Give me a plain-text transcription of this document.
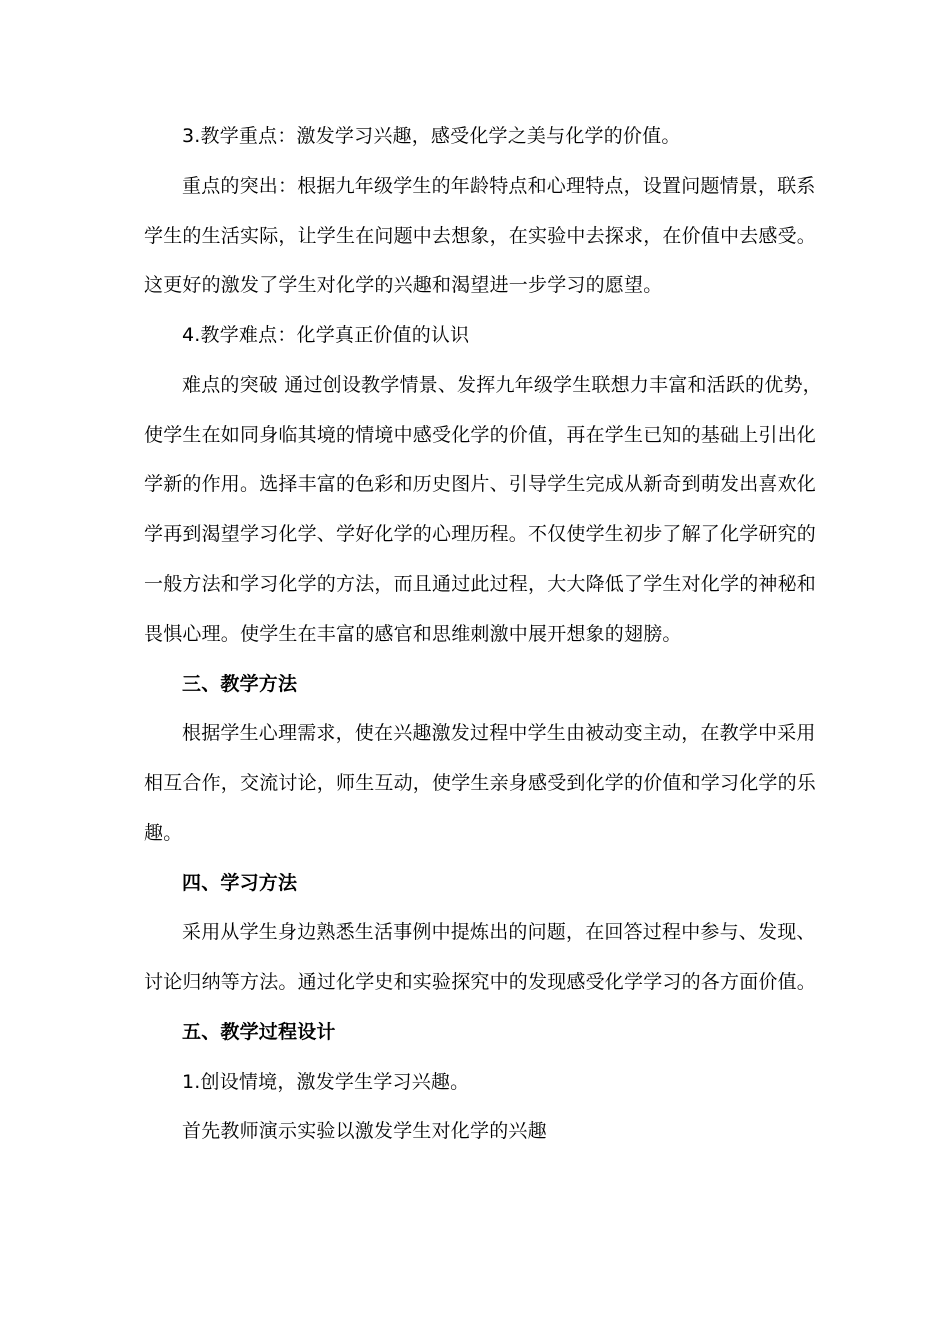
3.教学重点：激发学习兴趣，感受化学之美与化学的价值。

重点的突出：根据九年级学生的年龄特点和心理特点，设置问题情景，联系

学生的生活实际，让学生在问题中去想象，在实验中去探求，在价值中去感受。

这更好的激发了学生对化学的兴趣和渴望进一步学习的愿望。

4.教学难点：化学真正价值的认识

难点的突破 通过创设教学情景、发挥九年级学生联想力丰富和活跃的优势，

使学生在如同身临其境的情境中感受化学的价值，再在学生已知的基础上引出化

学新的作用。选择丰富的色彩和历史图片、引导学生完成从新奇到萌发出喜欢化

学再到渴望学习化学、学好化学的心理历程。不仅使学生初步了解了化学研究的

一般方法和学习化学的方法，而且通过此过程，大大降低了学生对化学的神秘和

畏惧心理。使学生在丰富的感官和思维刺激中展开想象的翅膀。

三、教学方法

根据学生心理需求，使在兴趣激发过程中学生由被动变主动，在教学中采用

相互合作，交流讨论，师生互动，使学生亲身感受到化学的价值和学习化学的乐

趣。

四、学习方法

采用从学生身边熟悉生活事例中提炼出的问题，在回答过程中参与、发现、

讨论归纳等方法。通过化学史和实验探究中的发现感受化学学习的各方面价值。

五、教学过程设计

1.创设情境，激发学生学习兴趣。

首先教师演示实验以激发学生对化学的兴趣
